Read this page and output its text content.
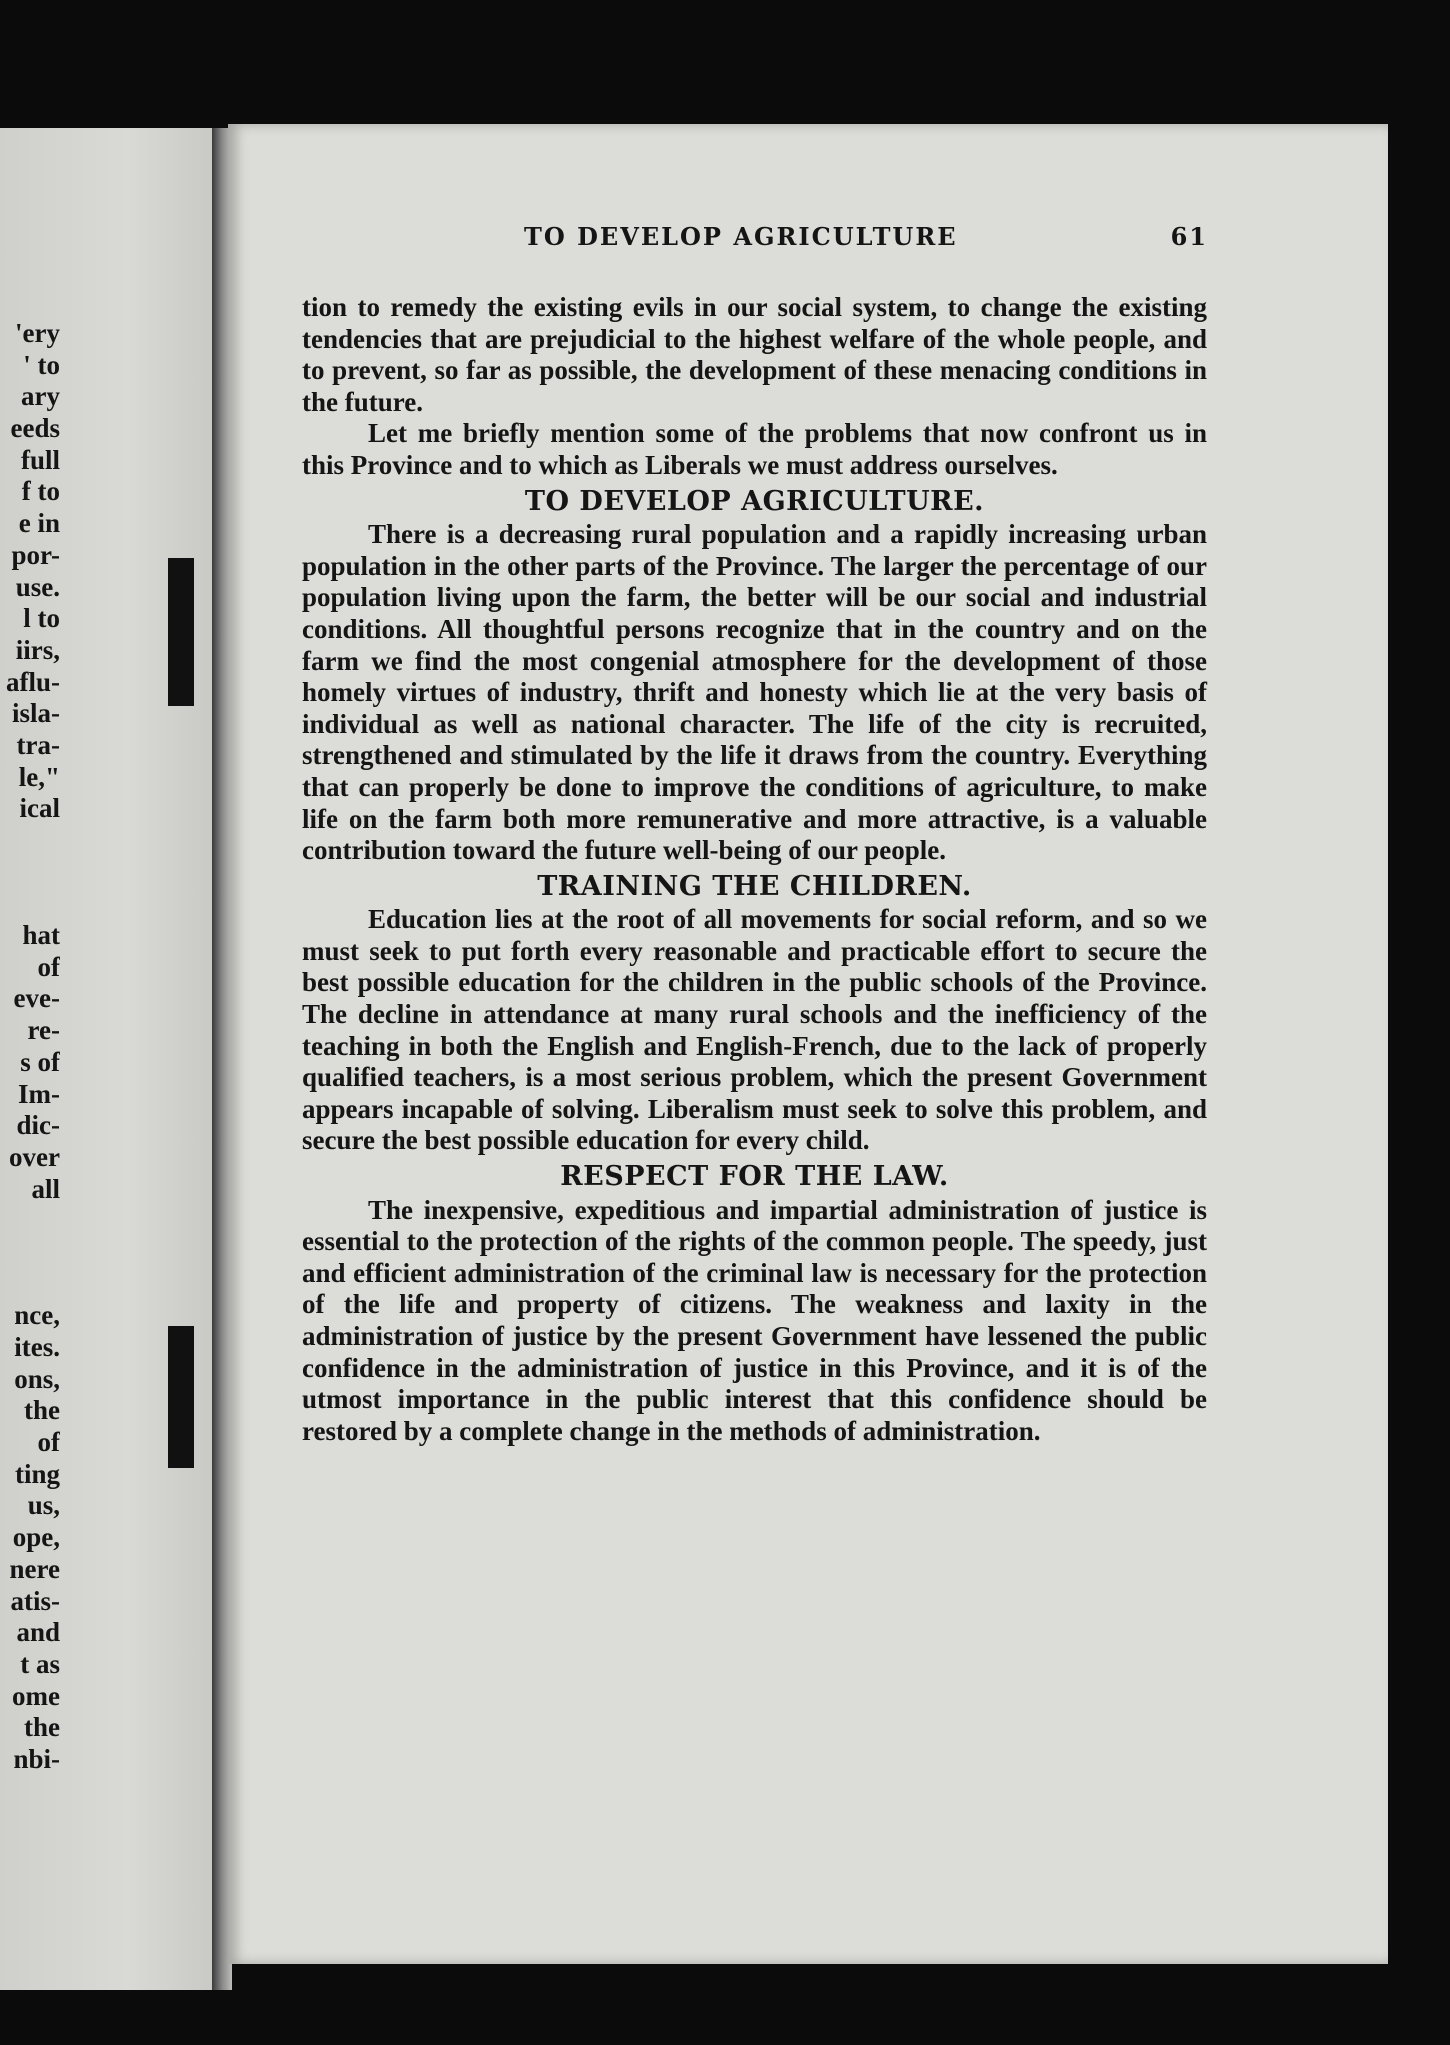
'ery
' to
ary
eeds
full
f to
e in
por-
use.
l to
iirs,
aflu-
isla-
tra-
le,"
ical
hat
of
eve-
re-
s of
Im-
dic-
over
all
nce,
ites.
ons,
the
of
ting
us,
ope,
nere
atis-
and
t as
ome
the
nbi-
TO DEVELOP AGRICULTURE	61

tion to remedy the existing evils in our social system, to change the existing tendencies that are prejudicial to the highest welfare of the whole people, and to prevent, so far as possible, the development of these menacing conditions in the future.

Let me briefly mention some of the problems that now confront us in this Province and to which as Liberals we must address ourselves.

TO DEVELOP AGRICULTURE.

There is a decreasing rural population and a rapidly increasing urban population in the other parts of the Province. The larger the percentage of our population living upon the farm, the better will be our social and industrial conditions. All thoughtful persons recognize that in the country and on the farm we find the most congenial atmosphere for the development of those homely virtues of industry, thrift and honesty which lie at the very basis of individual as well as national character. The life of the city is recruited, strengthened and stimulated by the life it draws from the country. Everything that can properly be done to improve the conditions of agriculture, to make life on the farm both more remunerative and more attractive, is a valuable contribution toward the future well-being of our people.

TRAINING THE CHILDREN.

Education lies at the root of all movements for social reform, and so we must seek to put forth every reasonable and practicable effort to secure the best possible education for the children in the public schools of the Province. The decline in attendance at many rural schools and the inefficiency of the teaching in both the English and English-French, due to the lack of properly qualified teachers, is a most serious problem, which the present Government appears incapable of solving. Liberalism must seek to solve this problem, and secure the best possible education for every child.

RESPECT FOR THE LAW.

The inexpensive, expeditious and impartial administration of justice is essential to the protection of the rights of the common people. The speedy, just and efficient administration of the criminal law is necessary for the protection of the life and property of citizens. The weakness and laxity in the administration of justice by the present Government have lessened the public confidence in the administration of justice in this Province, and it is of the utmost importance in the public interest that this confidence should be restored by a complete change in the methods of administration.
